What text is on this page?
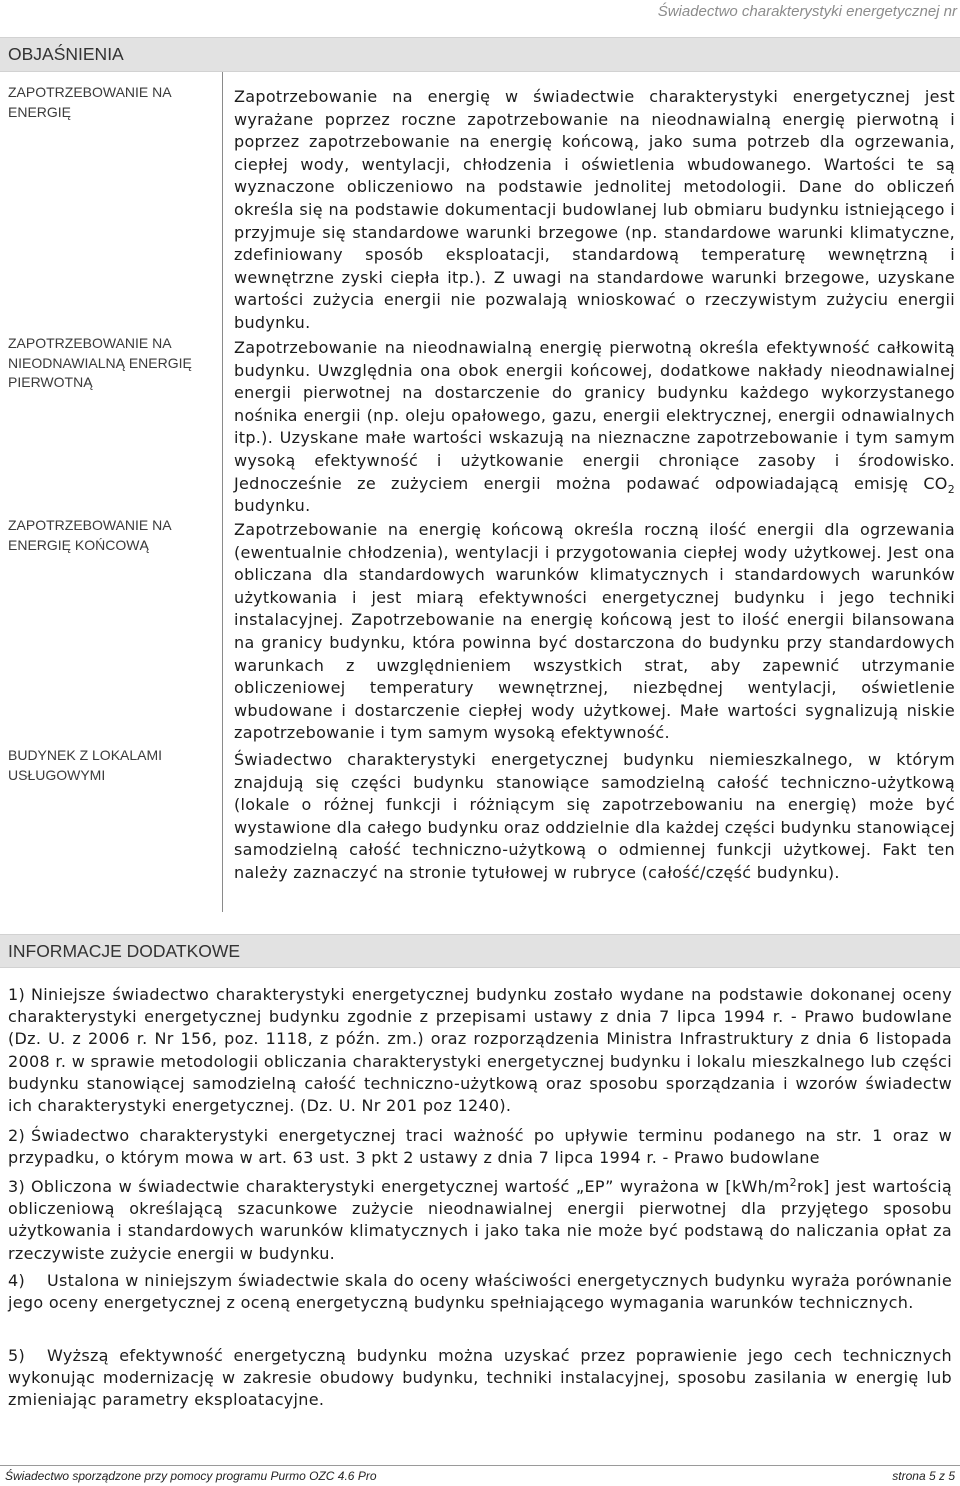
Świadectwo charakterystyki energetycznej nr
OBJAŚNIENIA
ZAPOTRZEBOWANIE NA
ENERGIĘ

Zapotrzebowanie na energię w świadectwie charakterystyki energetycznej jest wyrażane poprzez roczne zapotrzebowanie na nieodnawialną energię pierwotną i poprzez zapotrzebowanie na energię końcową, jako suma potrzeb dla ogrzewania, ciepłej wody, wentylacji, chłodzenia i oświetlenia wbudowanego. Wartości te są wyznaczone obliczeniowo na podstawie jednolitej metodologii. Dane do obliczeń określa się na podstawie dokumentacji budowlanej lub obmiaru budynku istniejącego i przyjmuje się standardowe warunki brzegowe (np. standardowe warunki klimatyczne, zdefiniowany sposób eksploatacji, standardową temperaturę wewnętrzną i wewnętrzne zyski ciepła itp.). Z uwagi na standardowe warunki brzegowe, uzyskane wartości zużycia energii nie pozwalają wnioskować o rzeczywistym zużyciu energii budynku.

ZAPOTRZEBOWANIE NA
NIEODNAWIALNĄ ENERGIĘ
PIERWOTNĄ

Zapotrzebowanie na nieodnawialną energię pierwotną określa efektywność całkowitą budynku. Uwzględnia ona obok energii końcowej, dodatkowe nakłady nieodnawialnej energii pierwotnej na dostarczenie do granicy budynku każdego wykorzystanego nośnika energii (np. oleju opałowego, gazu, energii elektrycznej, energii odnawialnych itp.). Uzyskane małe wartości wskazują na nieznaczne zapotrzebowanie i tym samym wysoką efektywność i użytkowanie energii chroniące zasoby i środowisko. Jednocześnie ze zużyciem energii można podawać odpowiadającą emisję $CO_2$ budynku.

ZAPOTRZEBOWANIE NA
ENERGIĘ KOŃCOWĄ

Zapotrzebowanie na energię końcową określa roczną ilość energii dla ogrzewania (ewentualnie chłodzenia), wentylacji i przygotowania ciepłej wody użytkowej. Jest ona obliczana dla standardowych warunków klimatycznych i standardowych warunków użytkowania i jest miarą efektywności energetycznej budynku i jego techniki instalacyjnej. Zapotrzebowanie na energię końcową jest to ilość energii bilansowana na granicy budynku, która powinna być dostarczona do budynku przy standardowych warunkach z uwzględnieniem wszystkich strat, aby zapewnić utrzymanie obliczeniowej temperatury wewnętrznej, niezbędnej wentylacji, oświetlenie wbudowane i dostarczenie ciepłej wody użytkowej. Małe wartości sygnalizują niskie zapotrzebowanie i tym samym wysoką efektywność.

BUDYNEK Z LOKALAMI
USŁUGOWYMI

Świadectwo charakterystyki energetycznej budynku niemieszkalnego, w którym znajdują się części budynku stanowiące samodzielną całość techniczno-użytkową (lokale o różnej funkcji i różniącym się zapotrzebowaniu na energię) może być wystawione dla całego budynku oraz oddzielnie dla każdej części budynku stanowiącej samodzielną całość techniczno-użytkową o odmiennej funkcji użytkowej. Fakt ten należy zaznaczyć na stronie tytułowej w rubryce (całość/część budynku).

INFORMACJE DODATKOWE

1) Niniejsze świadectwo charakterystyki energetycznej budynku zostało wydane na podstawie dokonanej oceny charakterystyki energetycznej budynku zgodnie z przepisami ustawy z dnia 7 lipca 1994 r. - Prawo budowlane (Dz. U. z 2006 r. Nr 156, poz. 1118, z późn. zm.) oraz rozporządzenia Ministra Infrastruktury z dnia 6 listopada 2008 r. w sprawie metodologii obliczania charakterystyki energetycznej budynku i lokalu mieszkalnego lub części budynku stanowiącej samodzielną całość techniczno-użytkową oraz sposobu sporządzania i wzorów świadectw ich charakterystyki energetycznej. (Dz. U. Nr 201 poz 1240).

2) Świadectwo charakterystyki energetycznej traci ważność po upływie terminu podanego na str. 1 oraz w przypadku, o którym mowa w art. 63 ust. 3 pkt 2 ustawy z dnia 7 lipca 1994 r. - Prawo budowlane

3) Obliczona w świadectwie charakterystyki energetycznej wartość „EP” wyrażona w $[kWh/m^2rok]$ jest wartością obliczeniową określającą szacunkowe zużycie nieodnawialnej energii pierwotnej dla przyjętego sposobu użytkowania i standardowych warunków klimatycznych i jako taka nie może być podstawą do naliczania opłat za rzeczywiste zużycie energii w budynku.

4) Ustalona w niniejszym świadectwie skala do oceny właściwości energetycznych budynku wyraża porównanie jego oceny energetycznej z oceną energetyczną budynku spełniającego wymagania warunków technicznych.

5) Wyższą efektywność energetyczną budynku można uzyskać przez poprawienie jego cech technicznych wykonując modernizację w zakresie obudowy budynku, techniki instalacyjnej, sposobu zasilania w energię lub zmieniając parametry eksploatacyjne.

Świadectwo sporządzone przy pomocy programu Purmo OZC 4.6 Pro	strona 5 z 5
